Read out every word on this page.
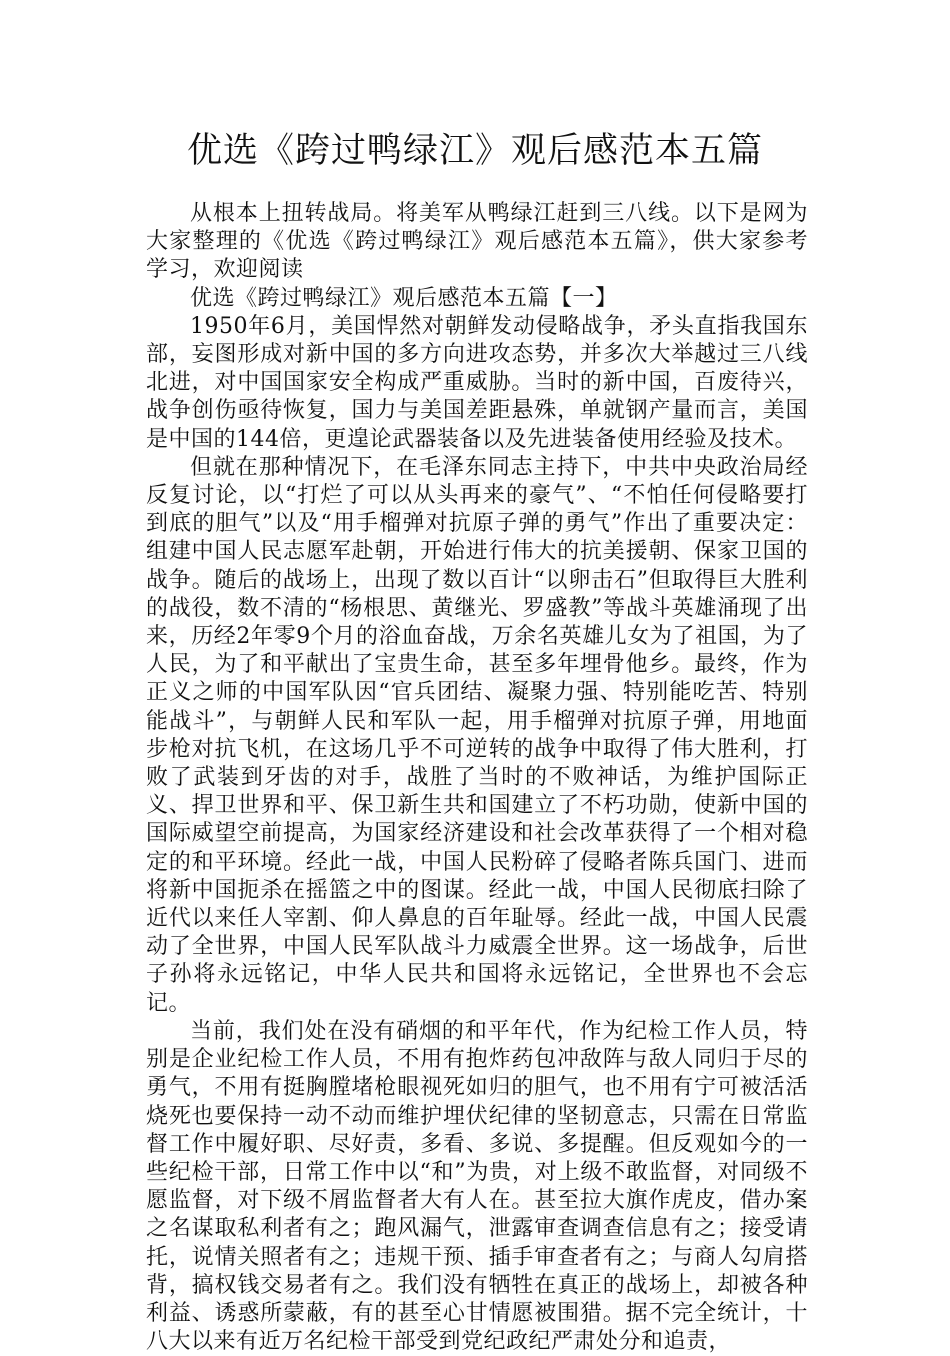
优选《跨过鸭绿江》观后感范本五篇

从根本上扭转战局。将美军从鸭绿江赶到三八线。以下是网为大家整理的《优选《跨过鸭绿江》观后感范本五篇》，供大家参考学习，欢迎阅读

优选《跨过鸭绿江》观后感范本五篇【一】

1950年6月，美国悍然对朝鲜发动侵略战争，矛头直指我国东部，妄图形成对新中国的多方向进攻态势，并多次大举越过三八线北进，对中国国家安全构成严重威胁。当时的新中国，百废待兴，战争创伤亟待恢复，国力与美国差距悬殊，单就钢产量而言，美国是中国的144倍，更遑论武器装备以及先进装备使用经验及技术。

但就在那种情况下，在毛泽东同志主持下，中共中央政治局经反复讨论，以“打烂了可以从头再来的豪气”、“不怕任何侵略要打到底的胆气”以及“用手榴弹对抗原子弹的勇气”作出了重要决定：组建中国人民志愿军赴朝，开始进行伟大的抗美援朝、保家卫国的战争。随后的战场上，出现了数以百计“以卵击石”但取得巨大胜利的战役，数不清的“杨根思、黄继光、罗盛教”等战斗英雄涌现了出来，历经2年零9个月的浴血奋战，万余名英雄儿女为了祖国，为了人民，为了和平献出了宝贵生命，甚至多年埋骨他乡。最终，作为正义之师的中国军队因“官兵团结、凝聚力强、特别能吃苦、特别能战斗”，与朝鲜人民和军队一起，用手榴弹对抗原子弹，用地面步枪对抗飞机，在这场几乎不可逆转的战争中取得了伟大胜利，打败了武装到牙齿的对手，战胜了当时的不败神话，为维护国际正义、捍卫世界和平、保卫新生共和国建立了不朽功勋，使新中国的国际威望空前提高，为国家经济建设和社会改革获得了一个相对稳定的和平环境。经此一战，中国人民粉碎了侵略者陈兵国门、进而将新中国扼杀在摇篮之中的图谋。经此一战，中国人民彻底扫除了近代以来任人宰割、仰人鼻息的百年耻辱。经此一战，中国人民震动了全世界，中国人民军队战斗力威震全世界。这一场战争，后世子孙将永远铭记，中华人民共和国将永远铭记，全世界也不会忘记。

当前，我们处在没有硝烟的和平年代，作为纪检工作人员，特别是企业纪检工作人员，不用有抱炸药包冲敌阵与敌人同归于尽的勇气，不用有挺胸膛堵枪眼视死如归的胆气，也不用有宁可被活活烧死也要保持一动不动而维护埋伏纪律的坚韧意志，只需在日常监督工作中履好职、尽好责，多看、多说、多提醒。但反观如今的一些纪检干部，日常工作中以“和”为贵，对上级不敢监督，对同级不愿监督，对下级不屑监督者大有人在。甚至拉大旗作虎皮，借办案之名谋取私利者有之；跑风漏气，泄露审查调查信息有之；接受请托，说情关照者有之；违规干预、插手审查者有之；与商人勾肩搭背，搞权钱交易者有之。我们没有牺牲在真正的战场上，却被各种利益、诱惑所蒙蔽，有的甚至心甘情愿被围猎。据不完全统计，十八大以来有近万名纪检干部受到党纪政纪严肃处分和追责，
